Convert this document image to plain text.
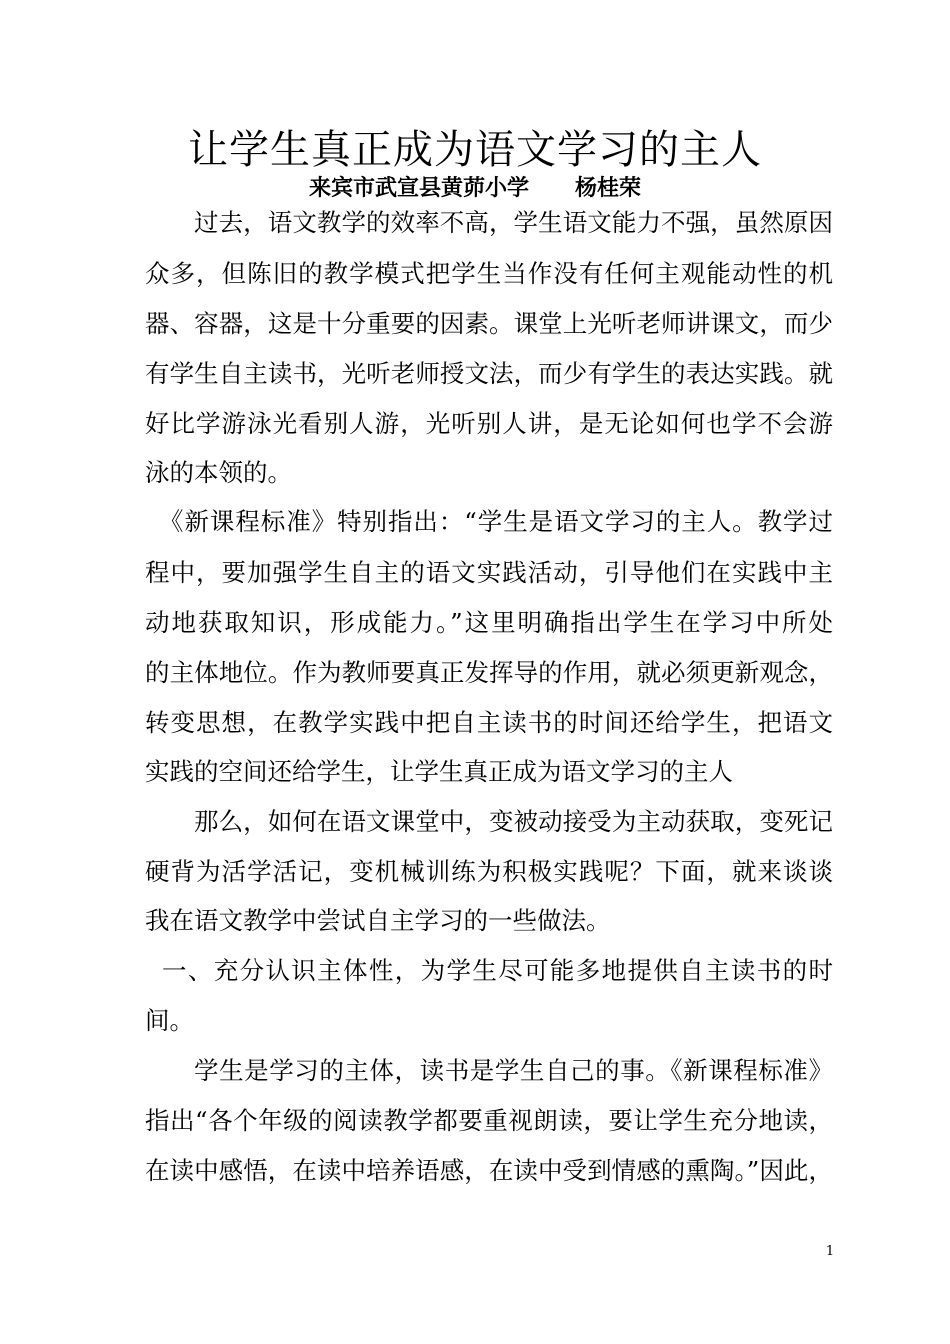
让学生真正成为语文学习的主人
来宾市武宣县黄茆小学      杨桂荣
过去，语文教学的效率不高，学生语文能力不强，虽然原因
众多，但陈旧的教学模式把学生当作没有任何主观能动性的机
器、容器，这是十分重要的因素。课堂上光听老师讲课文，而少
有学生自主读书，光听老师授文法，而少有学生的表达实践。就
好比学游泳光看别人游，光听别人讲，是无论如何也学不会游
泳的本领的。
《新课程标准》特别指出：“学生是语文学习的主人。教学过
程中，要加强学生自主的语文实践活动，引导他们在实践中主
动地获取知识，形成能力。”这里明确指出学生在学习中所处
的主体地位。作为教师要真正发挥导的作用，就必须更新观念，
转变思想，在教学实践中把自主读书的时间还给学生，把语文
实践的空间还给学生，让学生真正成为语文学习的主人
那么，如何在语文课堂中，变被动接受为主动获取，变死记
硬背为活学活记，变机械训练为积极实践呢？下面，就来谈谈
我在语文教学中尝试自主学习的一些做法。
一、充分认识主体性，为学生尽可能多地提供自主读书的时
间。
学生是学习的主体，读书是学生自己的事。《新课程标准》
指出“各个年级的阅读教学都要重视朗读，要让学生充分地读，
在读中感悟，在读中培养语感，在读中受到情感的熏陶。”因此，
1
